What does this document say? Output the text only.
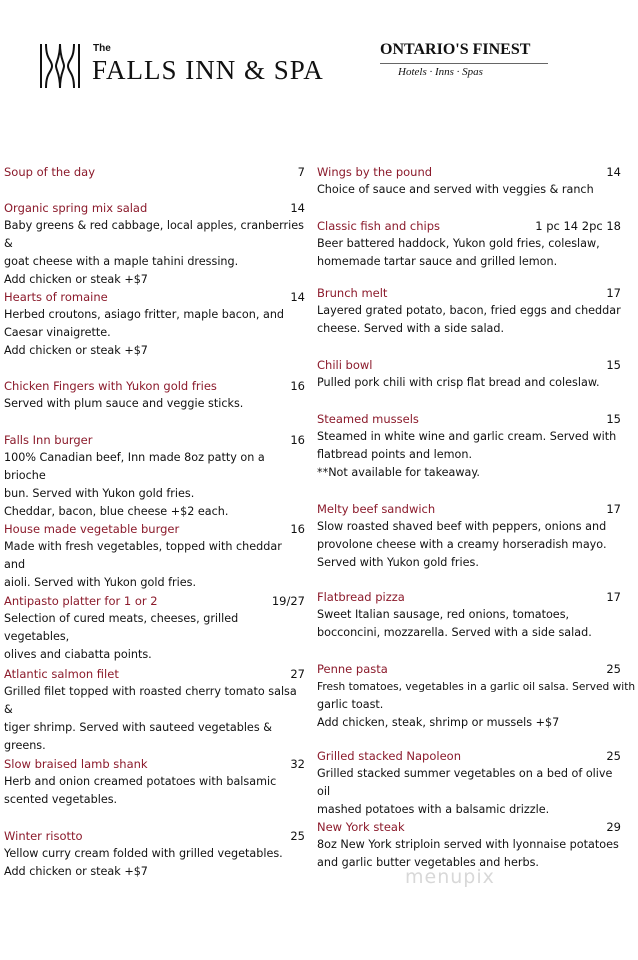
The
FALLS INN & SPA
ONTARIO'S FINEST
Hotels · Inns · Spas
Soup of the day	7
Organic spring mix salad	14
Baby greens & red cabbage, local apples, cranberries &
goat cheese with a maple tahini dressing.
Add chicken or steak +$7
Hearts of romaine	14
Herbed croutons, asiago fritter, maple bacon, and
Caesar vinaigrette.
Add chicken or steak +$7
Chicken Fingers with Yukon gold fries	16
Served with plum sauce and veggie sticks.
Falls Inn burger	16
100% Canadian beef, Inn made 8oz patty on a brioche
bun. Served with Yukon gold fries.
Cheddar, bacon, blue cheese +$2 each.
House made vegetable burger	16
Made with fresh vegetables, topped with cheddar and
aioli. Served with Yukon gold fries.
Antipasto platter for 1 or 2	19/27
Selection of cured meats, cheeses, grilled vegetables,
olives and ciabatta points.
Atlantic salmon filet	27
Grilled filet topped with roasted cherry tomato salsa &
tiger shrimp. Served with sauteed vegetables &
greens.
Slow braised lamb shank	32
Herb and onion creamed potatoes with balsamic
scented vegetables.
Winter risotto	25
Yellow curry cream folded with grilled vegetables.
Add chicken or steak +$7
Wings by the pound	14
Choice of sauce and served with veggies & ranch
Classic fish and chips	1 pc 14 2pc 18
Beer battered haddock, Yukon gold fries, coleslaw,
homemade tartar sauce and grilled lemon.
Brunch melt	17
Layered grated potato, bacon, fried eggs and cheddar
cheese. Served with a side salad.
Chili bowl	15
Pulled pork chili with crisp flat bread and coleslaw.
Steamed mussels	15
Steamed in white wine and garlic cream. Served with
flatbread points and lemon.
**Not available for takeaway.
Melty beef sandwich	17
Slow roasted shaved beef with peppers, onions and
provolone cheese with a creamy horseradish mayo.
Served with Yukon gold fries.
Flatbread pizza	17
Sweet Italian sausage, red onions, tomatoes,
bocconcini, mozzarella. Served with a side salad.
Penne pasta	25
Fresh tomatoes, vegetables in a garlic oil salsa. Served with
garlic toast.
Add chicken, steak, shrimp or mussels +$7
Grilled stacked Napoleon	25
Grilled stacked summer vegetables on a bed of olive oil
mashed potatoes with a balsamic drizzle.
New York steak	29
8oz New York striploin served with lyonnaise potatoes
and garlic butter vegetables and herbs.
menupix
